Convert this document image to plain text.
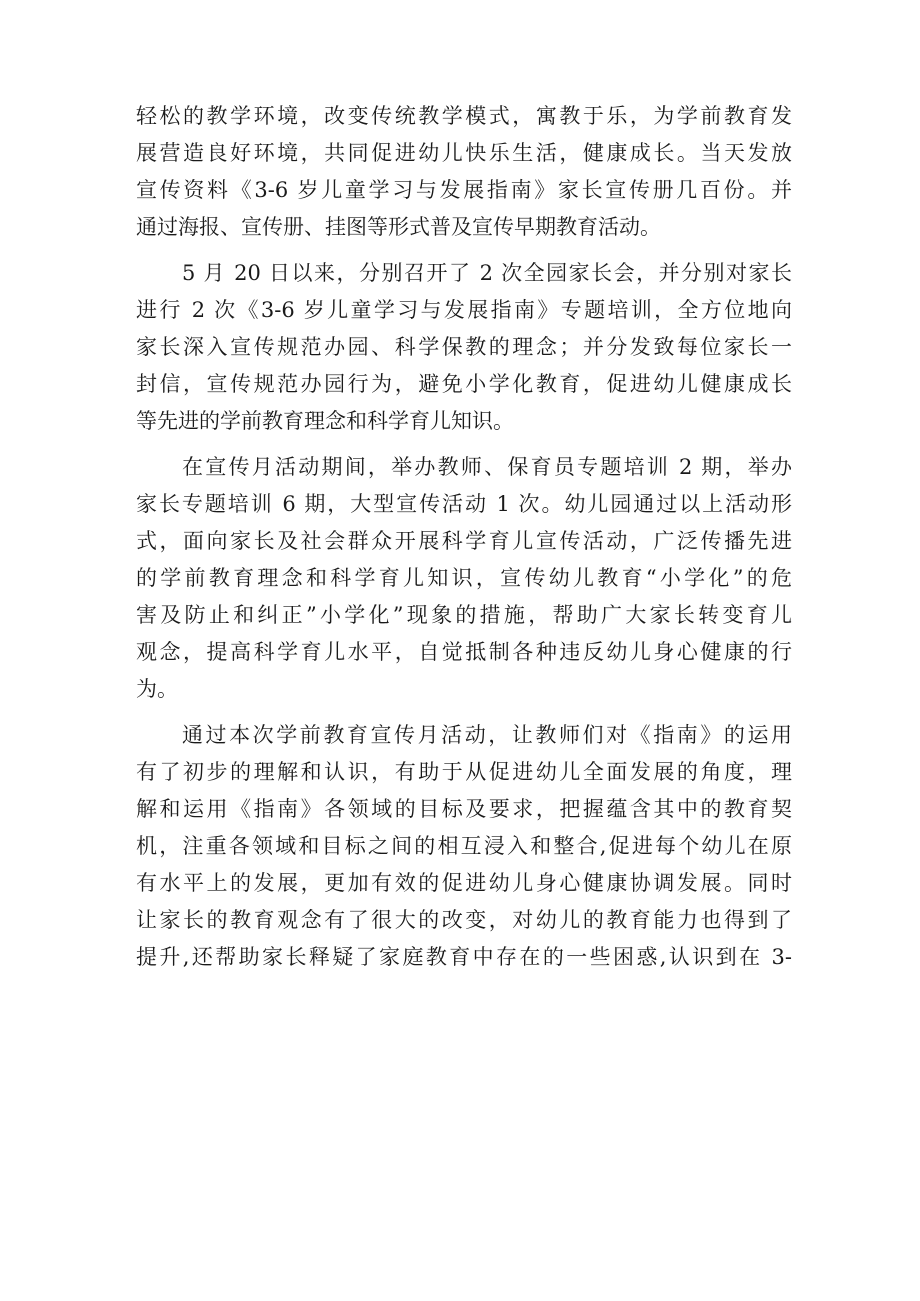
轻松的教学环境，改变传统教学模式，寓教于乐，为学前教育发
展营造良好环境，共同促进幼儿快乐生活，健康成长。当天发放
宣传资料《3-6 岁儿童学习与发展指南》家长宣传册几百份。并
通过海报、宣传册、挂图等形式普及宣传早期教育活动。
5 月 20 日以来，分别召开了 2 次全园家长会，并分别对家长
进行 2 次《3-6 岁儿童学习与发展指南》专题培训，全方位地向
家长深入宣传规范办园、科学保教的理念；并分发致每位家长一
封信，宣传规范办园行为，避免小学化教育，促进幼儿健康成长
等先进的学前教育理念和科学育儿知识。
在宣传月活动期间，举办教师、保育员专题培训 2 期，举办
家长专题培训 6 期，大型宣传活动 1 次。幼儿园通过以上活动形
式，面向家长及社会群众开展科学育儿宣传活动，广泛传播先进
的学前教育理念和科学育儿知识，宣传幼儿教育“小学化”的危
害及防止和纠正”小学化”现象的措施，帮助广大家长转变育儿
观念，提高科学育儿水平，自觉抵制各种违反幼儿身心健康的行
为。
通过本次学前教育宣传月活动，让教师们对《指南》的运用
有了初步的理解和认识，有助于从促进幼儿全面发展的角度，理
解和运用《指南》各领域的目标及要求，把握蕴含其中的教育契
机，注重各领域和目标之间的相互浸入和整合,促进每个幼儿在原
有水平上的发展，更加有效的促进幼儿身心健康协调发展。同时
让家长的教育观念有了很大的改变，对幼儿的教育能力也得到了
提升,还帮助家长释疑了家庭教育中存在的一些困惑,认识到在 3-
